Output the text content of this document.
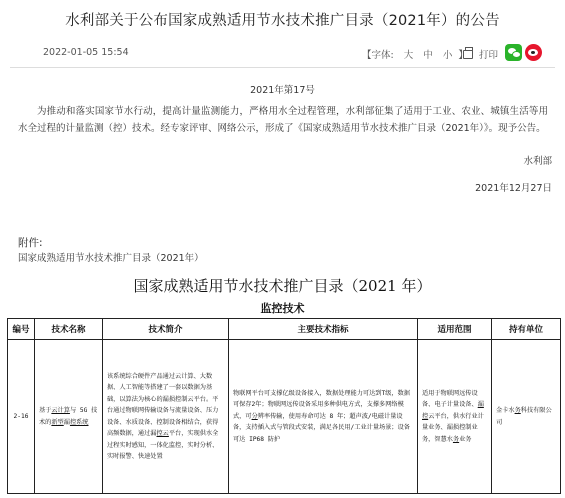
水利部关于公布国家成熟适用节水技术推广目录（2021年）的公告
2022-01-05 15:54	【字体: 大 中 小 】	打印
2021年第17号

为推动和落实国家节水行动，提高计量监测能力，严格用水全过程管理，水利部征集了适用于工业、农业、城镇生活等用水全过程的计量监测（控）技术。经专家评审、网络公示，形成了《国家成熟适用节水技术推广目录（2021年）》。现予公告。

水利部
2021年12月27日
附件:
国家成熟适用节水技术推广目录（2021年）
国家成熟适用节水技术推广目录（2021 年）
监控技术
编号	技术名称	技术简介	主要技术指标	适用范围	持有单位
2-16	基于云计算与 5G 技术的新型漏控系统	该系统综合硬件产品通过云计算、大数据、人工智能等搭建了一套以数据为基础，以算法为核心的漏损控制云平台。平台通过物联网传输设备与流量设备、压力设备、水质设备、控制设备相结合，获得高频数据，通过漏控云平台，实现供水全过程实时感知，一体化监控，实时分析、实时报警、快速处置	物联网平台可支撑亿级设备接入，数据处理能力可达到T级，数据可保存2年；物联网远传设备采用多种供电方式，支撑多网络模式，可分辨率传输，使用寿命可达 8 年；超声波/电磁计量设备，支持插入式与管段式安装，满足各民用/工业计量场景；设备可达 IP68 防护	适用于物联网远传设备、电子计量设备、漏控云平台，供水行业计量业务、漏损控制业务，智慧水务业务	金卡水务科技有限公司
